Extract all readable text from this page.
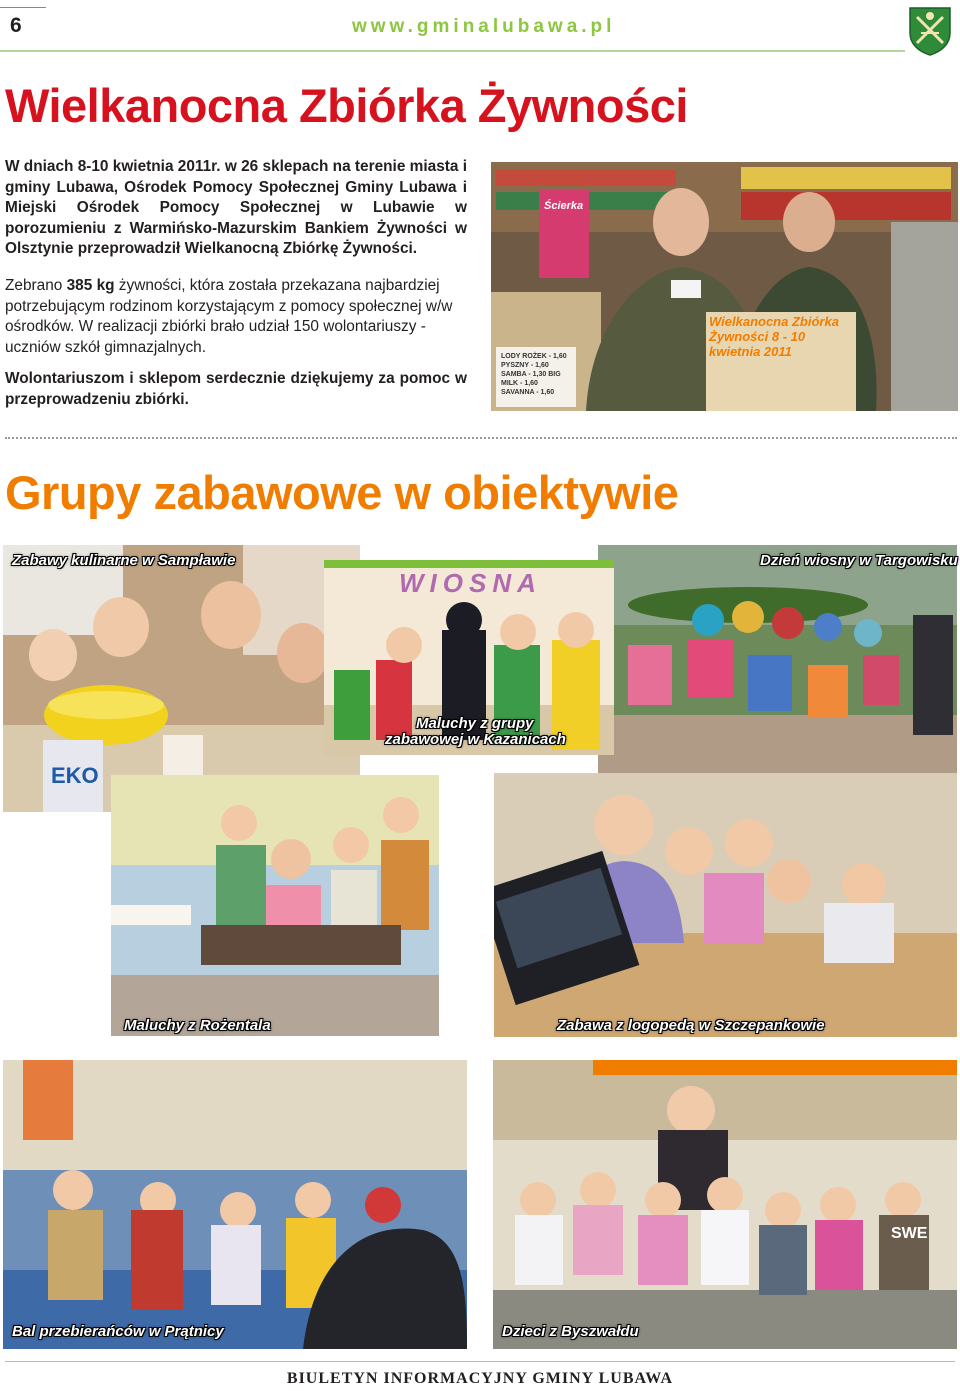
6	www.gminalubawa.pl
Wielkanocna Zbiórka Żywności
W dniach 8-10 kwietnia 2011r. w 26 sklepach na terenie miasta i gminy Lubawa, Ośrodek Pomocy Społecznej Gminy Lubawa i Miejski Ośrodek Pomocy Społecznej w Lubawie w porozumieniu z Warmińsko-Mazurskim Bankiem Żywności w Olsztynie przeprowadził Wielkanocną Zbiórkę Żywności.
Zebrano 385 kg żywności, która została przekazana najbardziej potrzebującym rodzinom korzystającym z pomocy społecznej w/w ośrodków. W realizacji zbiórki brało udział 150 wolontariuszy - uczniów szkół gimnazjalnych.
Wolontariuszom i sklepom serdecznie dziękujemy za pomoc w przeprowadzeniu zbiórki.
Ścierka
Wielkanocna Zbiórka Żywności 8 - 10 kwietnia 2011
LODY ROŻEK - 1,60 PYSZNY - 1,60 SAMBA - 1,30 BIG MILK - 1,60 SAVANNA - 1,60
Grupy zabawowe w obiektywie
EKO
WIOSNA
SWE
Zabawy kulinarne w Sampławie	Dzień wiosny w Targowisku
Maluchy z grupy
zabawowej w Kazanicach
Maluchy z Rożentala	Zabawa z logopedą w Szczepankowie
Bal przebierańców w Prątnicy	Dzieci z Byszwałdu
BIULETYN INFORMACYJNY GMINY LUBAWA
